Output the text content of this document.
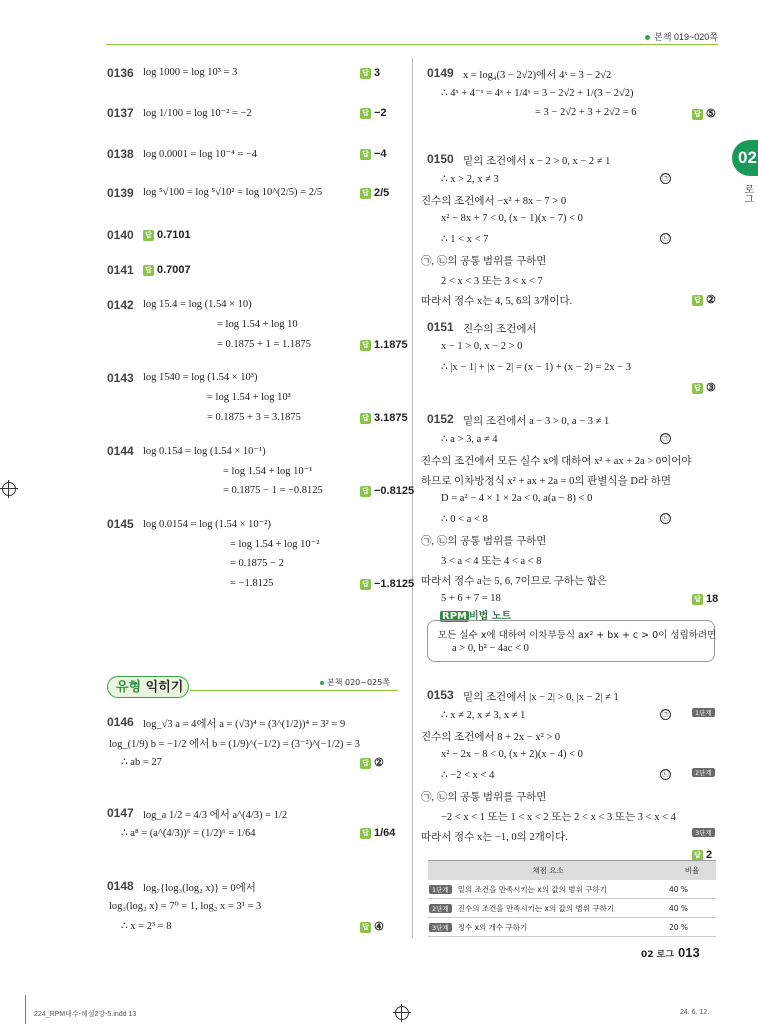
본책 019~020쪽
02
로그
0136 log 1000 = log 10³ = 3	답 3
0137 log 1/100 = log 10⁻² = −2	답 −2
0138 log 0.0001 = log 10⁻⁴ = −4	답 −4
0139 log ⁵√100 = log ⁵√10² = log 10^(2/5) = 2/5	답 2/5
0140	답 0.7101
0141	답 0.7007
0142 log 15.4 = log (1.54 × 10)
= log 1.54 + log 10
= 0.1875 + 1 = 1.1875	답 1.1875
0143 log 1540 = log (1.54 × 10³)
= log 1.54 + log 10³
= 0.1875 + 3 = 3.1875	답 3.1875
0144 log 0.154 = log (1.54 × 10⁻¹)
= log 1.54 + log 10⁻¹
= 0.1875 − 1 = −0.8125	답 −0.8125
0145 log 0.0154 = log (1.54 × 10⁻²)
= log 1.54 + log 10⁻²
= 0.1875 − 2
= −1.8125	답 −1.8125
0146 log_√3 a = 4에서 a = (√3)⁴ = (3^(1/2))⁴ = 3² = 9
log_(1/9) b = −1/2 에서 b = (1/9)^(−1/2) = (3⁻²)^(−1/2) = 3
∴ ab = 27	답 ②
0147 log_a 1/2 = 4/3 에서 a^(4/3) = 1/2
∴ a⁸ = (a^(4/3))⁶ = (1/2)⁶ = 1/64	답 1/64
0148 log₇{log₃(log₂ x)} = 0에서
log₃(log₂ x) = 7⁰ = 1, log₂ x = 3¹ = 3
∴ x = 2³ = 8	답 ④
0149 x = log₄(3 − 2√2)에서 4ˣ = 3 − 2√2
∴ 4ˣ + 4⁻ˣ = 4ˣ + 1/4ˣ = 3 − 2√2 + 1/(3 − 2√2)
= 3 − 2√2 + 3 + 2√2 = 6	답 ⑤
0150 밑의 조건에서 x − 2 > 0, x − 2 ≠ 1
∴ x > 2, x ≠ 3
진수의 조건에서 −x² + 8x − 7 > 0
x² − 8x + 7 < 0, (x − 1)(x − 7) < 0
∴ 1 < x < 7
㉠, ㉡의 공통 범위를 구하면
2 < x < 3 또는 3 < x < 7
따라서 정수 x는 4, 5, 6의 3개이다.	답 ②
0151 진수의 조건에서
x − 1 > 0, x − 2 > 0
∴ |x − 1| + |x − 2| = (x − 1) + (x − 2) = 2x − 3
답 ③
0152 밑의 조건에서 a − 3 > 0, a − 3 ≠ 1
∴ a > 3, a ≠ 4
진수의 조건에서 모든 실수 x에 대하여 x² + ax + 2a > 0이어야
하므로 이차방정식 x² + ax + 2a = 0의 판별식을 D라 하면
D = a² − 4 × 1 × 2a < 0, a(a − 8) < 0
∴ 0 < a < 8
㉠, ㉡의 공통 범위를 구하면
3 < a < 4 또는 4 < a < 8
따라서 정수 a는 5, 6, 7이므로 구하는 합은
5 + 6 + 7 = 18	답 18
0153 밑의 조건에서 |x − 2| > 0, |x − 2| ≠ 1
∴ x ≠ 2, x ≠ 3, x ≠ 1
진수의 조건에서 8 + 2x − x² > 0
x² − 2x − 8 < 0, (x + 2)(x − 4) < 0
∴ −2 < x < 4
㉠, ㉡의 공통 범위를 구하면
−2 < x < 1 또는 1 < x < 2 또는 2 < x < 3 또는 3 < x < 4
따라서 정수 x는 −1, 0의 2개이다.
답 2
㉠
㉡
㉠
㉡
㉠	1단계
㉡	2단계
3단계
유형 익히기	본책 020~025쪽
RPM 비법 노트
모든 실수 x에 대하여 이차부등식 ax² + bx + c > 0이 성립하려면
a > 0, b² − 4ac < 0
채점 요소	비율
1단계 밑의 조건을 만족시키는 x의 값의 범위 구하기	40 %
2단계 진수의 조건을 만족시키는 x의 값의 범위 구하기	40 %
3단계 정수 x의 개수 구하기	20 %
02 로그 013
224_RPM대수-해설2강-5.indd 13	24. 6. 12.
